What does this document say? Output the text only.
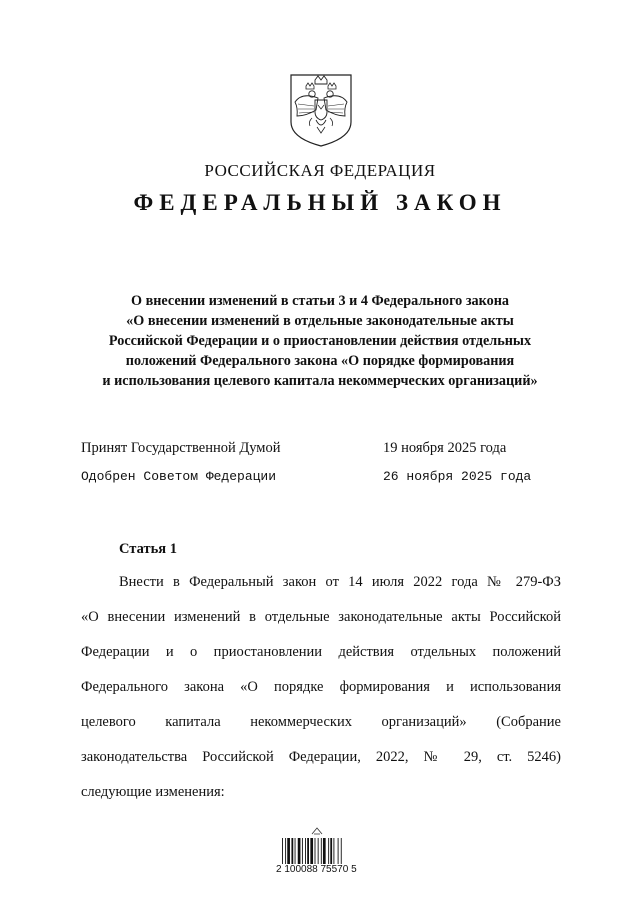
РОССИЙСКАЯ ФЕДЕРАЦИЯ
ФЕДЕРАЛЬНЫЙ ЗАКОН
О внесении изменений в статьи 3 и 4 Федерального закона
«О внесении изменений в отдельные законодательные акты
Российской Федерации и о приостановлении действия отдельных
положений Федерального закона «О порядке формирования
и использования целевого капитала некоммерческих организаций»
Принят Государственной Думой	19 ноября 2025 года
Одобрен Советом Федерации	26 ноября 2025 года
Статья 1
Внести в Федеральный закон от 14 июля 2022 года № 279-ФЗ
«О внесении изменений в отдельные законодательные акты Российской
Федерации и о приостановлении действия отдельных положений
Федерального закона «О порядке формирования и использования
целевого капитала некоммерческих организаций» (Собрание
законодательства Российской Федерации, 2022, № 29, ст. 5246)
следующие изменения:
2 100088 75570 5
